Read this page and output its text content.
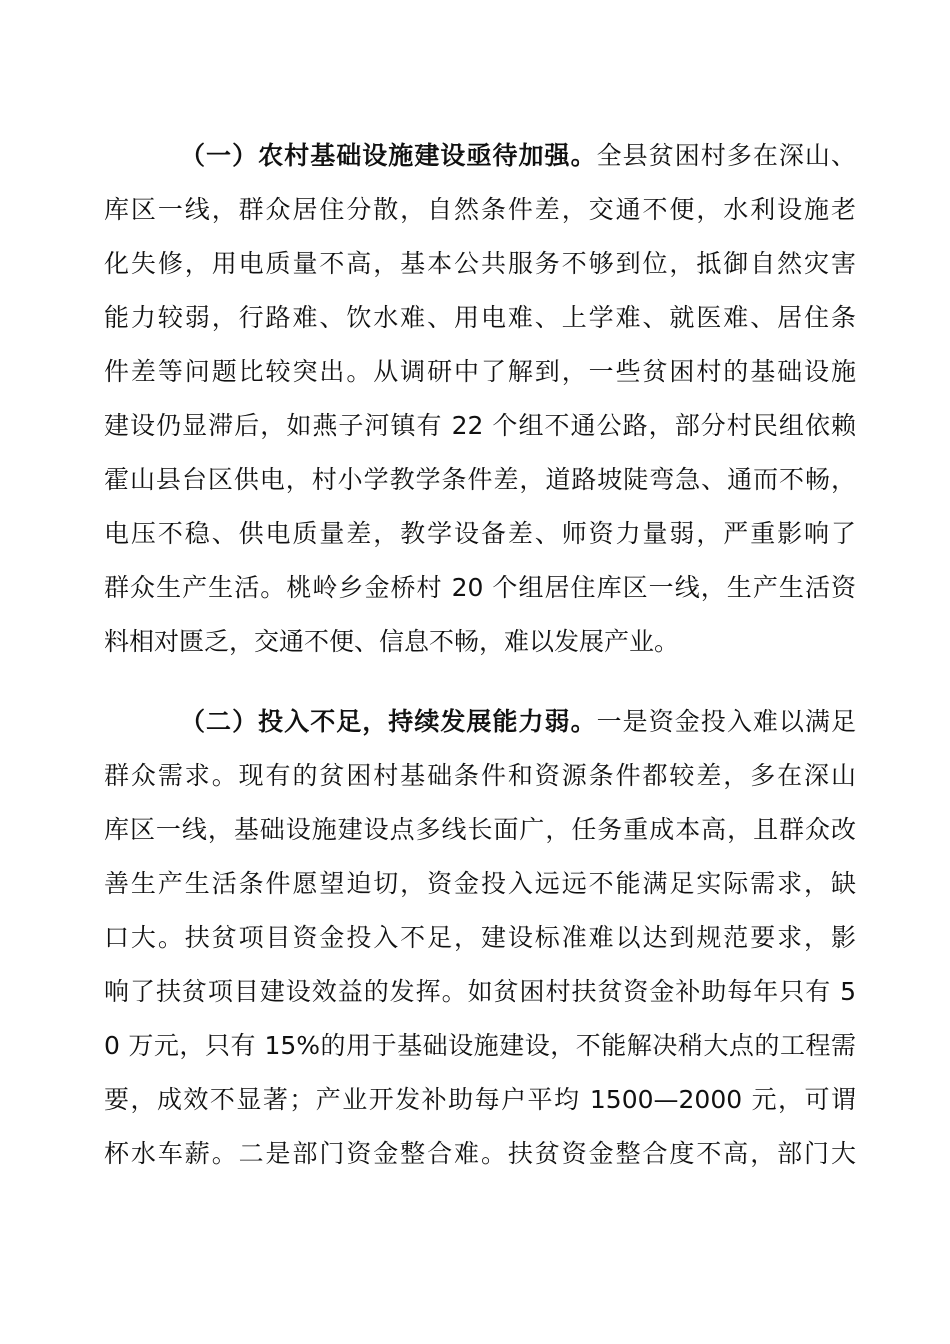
（一）农村基础设施建设亟待加强。全县贫困村多在深山、
库区一线，群众居住分散，自然条件差，交通不便，水利设施老
化失修，用电质量不高，基本公共服务不够到位，抵御自然灾害
能力较弱，行路难、饮水难、用电难、上学难、就医难、居住条
件差等问题比较突出。从调研中了解到，一些贫困村的基础设施
建设仍显滞后，如燕子河镇有 22 个组不通公路，部分村民组依赖
霍山县台区供电，村小学教学条件差，道路坡陡弯急、通而不畅，
电压不稳、供电质量差，教学设备差、师资力量弱，严重影响了
群众生产生活。桃岭乡金桥村 20 个组居住库区一线，生产生活资
料相对匮乏，交通不便、信息不畅，难以发展产业。
（二）投入不足，持续发展能力弱。一是资金投入难以满足
群众需求。现有的贫困村基础条件和资源条件都较差，多在深山
库区一线，基础设施建设点多线长面广，任务重成本高，且群众改
善生产生活条件愿望迫切，资金投入远远不能满足实际需求，缺
口大。扶贫项目资金投入不足，建设标准难以达到规范要求，影
响了扶贫项目建设效益的发挥。如贫困村扶贫资金补助每年只有 5
0 万元，只有 15%的用于基础设施建设，不能解决稍大点的工程需
要，成效不显著；产业开发补助每户平均 1500—2000 元，可谓
杯水车薪。二是部门资金整合难。扶贫资金整合度不高，部门大
